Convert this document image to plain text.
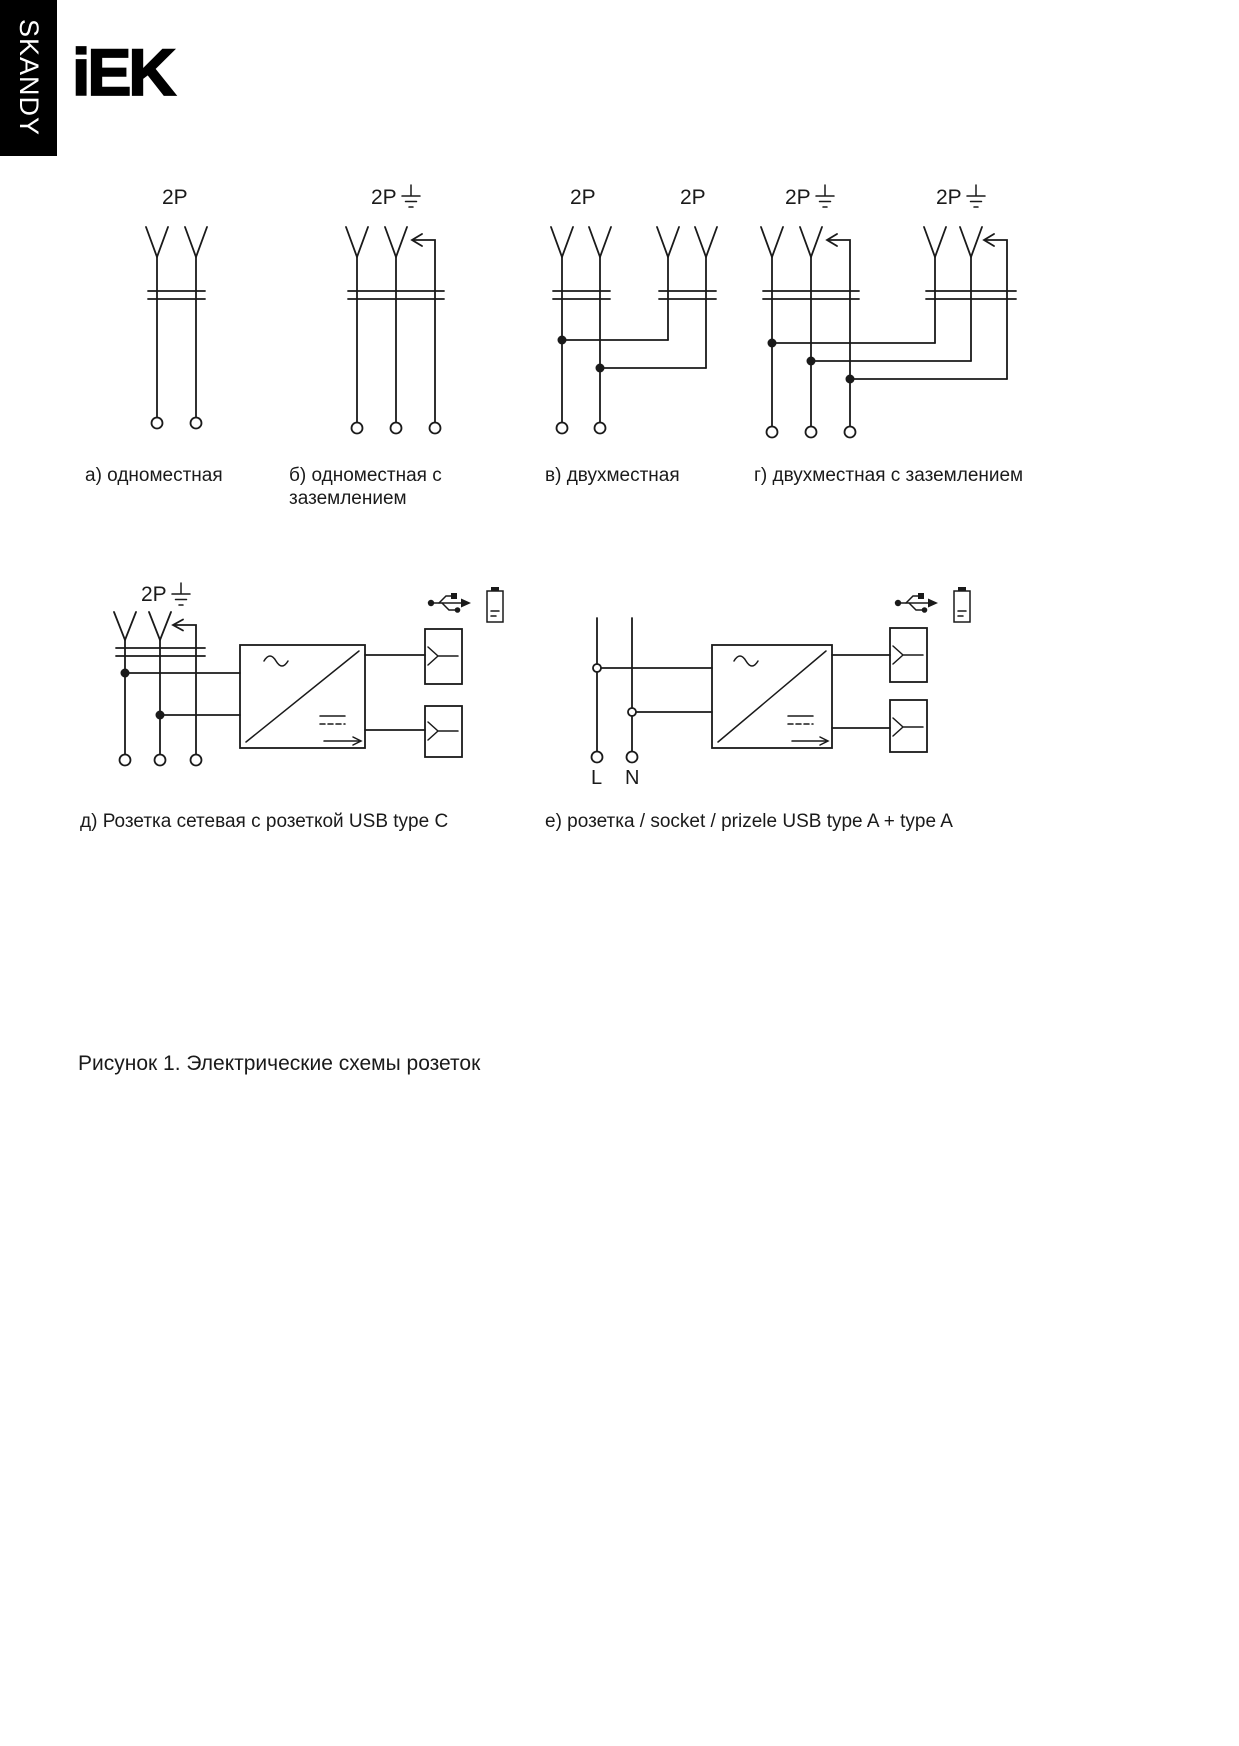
SKANDY iEK
2P	2P	2P	2P	2P	2P
2P
L N
а) одноместная	б) одноместная с заземлением
в) двухместная	г) двухместная с заземлением
д) Розетка сетевая с розеткой USB type C	е) розетка / socket / prizele USB type A + type A
Рисунок 1. Электрические схемы розеток
